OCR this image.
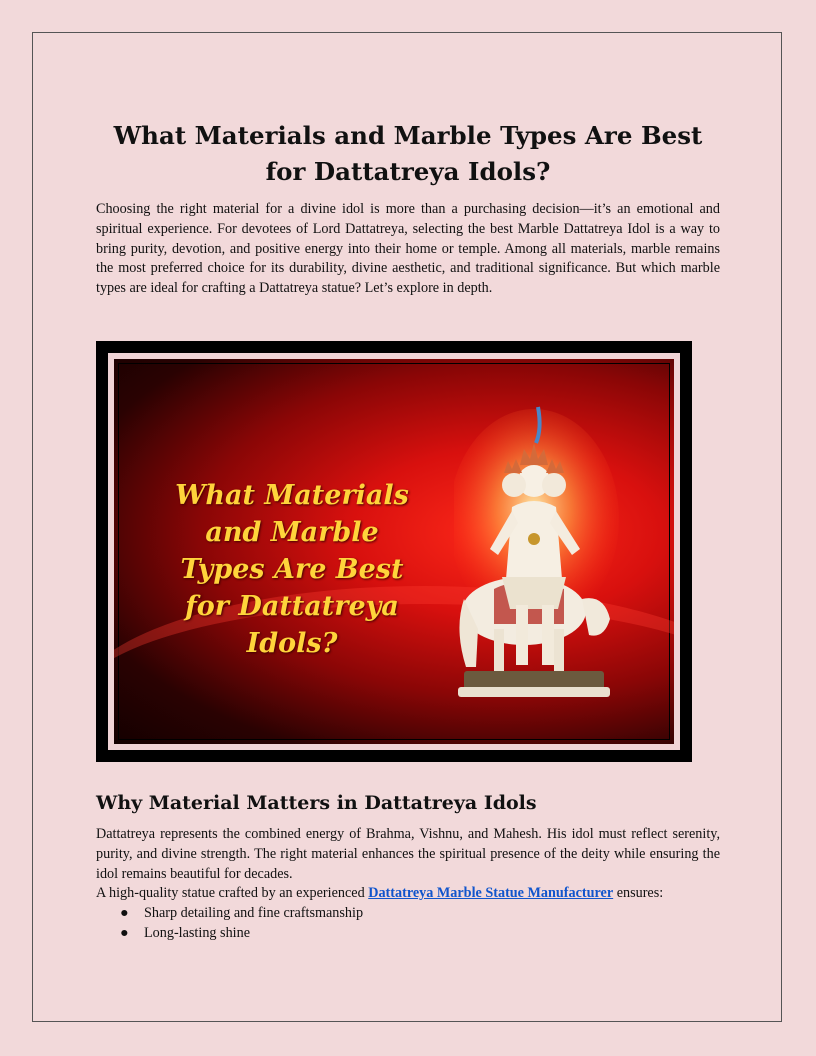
What Materials and Marble Types Are Best for Dattatreya Idols?

Choosing the right material for a divine idol is more than a purchasing decision—it’s an emotional and spiritual experience. For devotees of Lord Dattatreya, selecting the best Marble Dattatreya Idol is a way to bring purity, devotion, and positive energy into their home or temple. Among all materials, marble remains the most preferred choice for its durability, divine aesthetic, and traditional significance. But which marble types are ideal for crafting a Dattatreya statue? Let’s explore in depth.

What Materials and Marble Types Are Best for Dattatreya Idols?
Why Material Matters in Dattatreya Idols

Dattatreya represents the combined energy of Brahma, Vishnu, and Mahesh. His idol must reflect serenity, purity, and divine strength. The right material enhances the spiritual presence of the deity while ensuring the idol remains beautiful for decades.

A high-quality statue crafted by an experienced Dattatreya Marble Statue Manufacturer ensures:
● Sharp detailing and fine craftsmanship
● Long-lasting shine
